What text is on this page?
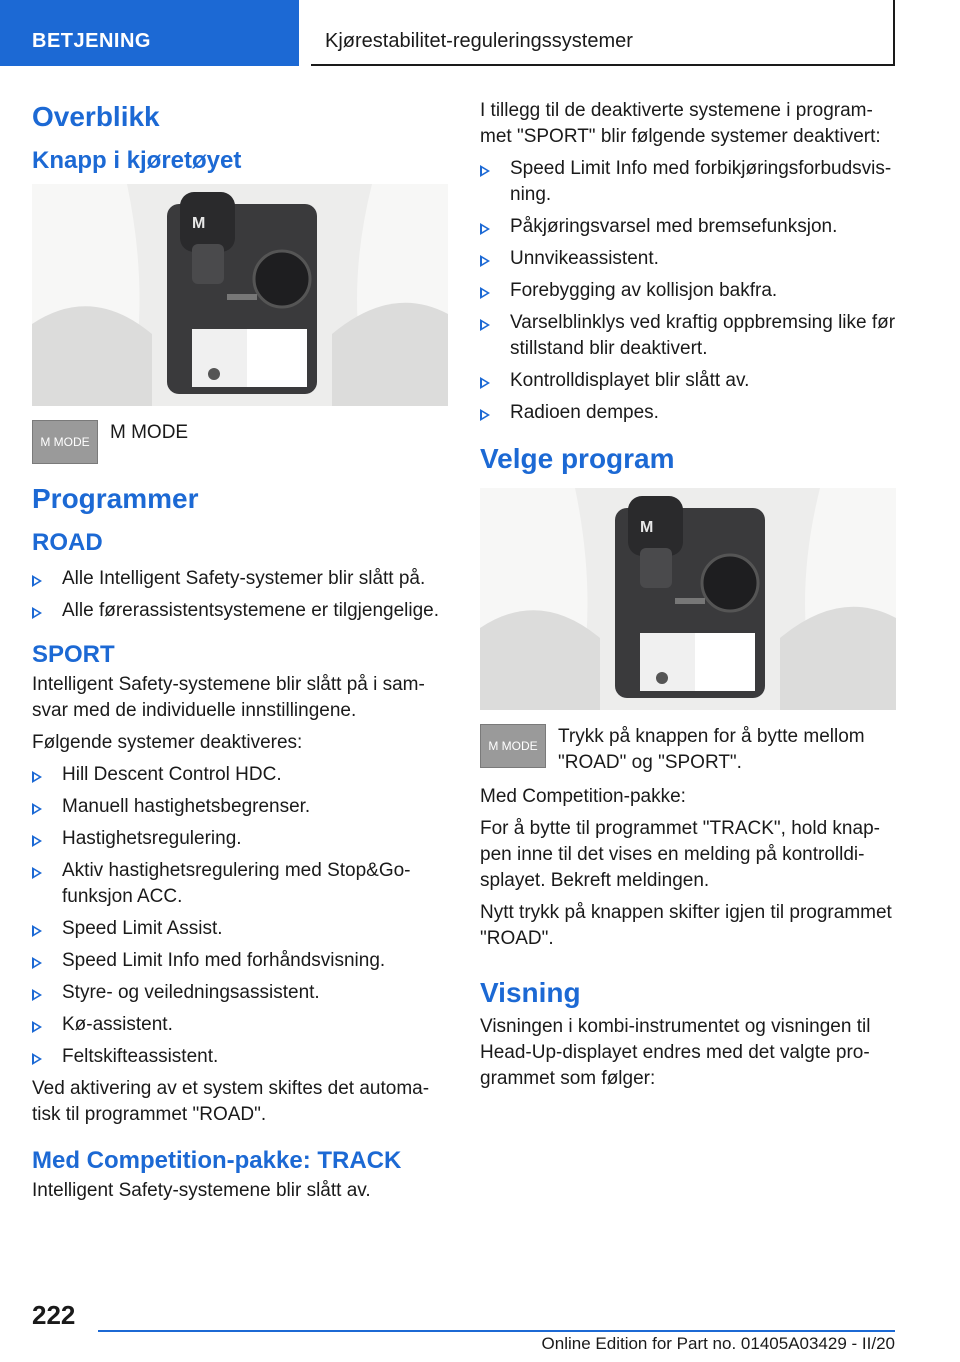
BETJENING	Kjørestabilitet-reguleringssystemer
Overblikk
Knapp i kjøretøyet
M
M MODE	M MODE
Programmer
ROAD
Alle Intelligent Safety-systemer blir slått på.
Alle førerassistentsystemene er tilgjengelige.
SPORT

Intelligent Safety-systemene blir slått på i sam-svar med de individuelle innstillingene.

Følgende systemer deaktiveres:

Hill Descent Control HDC.
Manuell hastighetsbegrenser.
Hastighetsregulering.
Aktiv hastighetsregulering med Stop&Go-funksjon ACC.
Speed Limit Assist.
Speed Limit Info med forhåndsvisning.
Styre- og veiledningsassistent.
Kø-assistent.
Feltskifteassistent.

Ved aktivering av et system skiftes det automa-tisk til programmet "ROAD".

Med Competition-pakke: TRACK

Intelligent Safety-systemene blir slått av.

I tillegg til de deaktiverte systemene i program-met "SPORT" blir følgende systemer deaktivert:

Speed Limit Info med forbikjøringsforbudsvis-ning.
Påkjøringsvarsel med bremsefunksjon.
Unnvikeassistent.
Forebygging av kollisjon bakfra.
Varselblinklys ved kraftig oppbremsing like før stillstand blir deaktivert.
Kontrolldisplayet blir slått av.
Radioen dempes.
Velge program
M
M MODE	Trykk på knappen for å bytte mellom "ROAD" og "SPORT".

Med Competition-pakke:

For å bytte til programmet "TRACK", hold knap-pen inne til det vises en melding på kontrolldi-splayet. Bekreft meldingen.

Nytt trykk på knappen skifter igjen til programmet "ROAD".

Visning

Visningen i kombi-instrumentet og visningen til Head-Up-displayet endres med det valgte pro-grammet som følger:

222
Online Edition for Part no. 01405A03429 - II/20
